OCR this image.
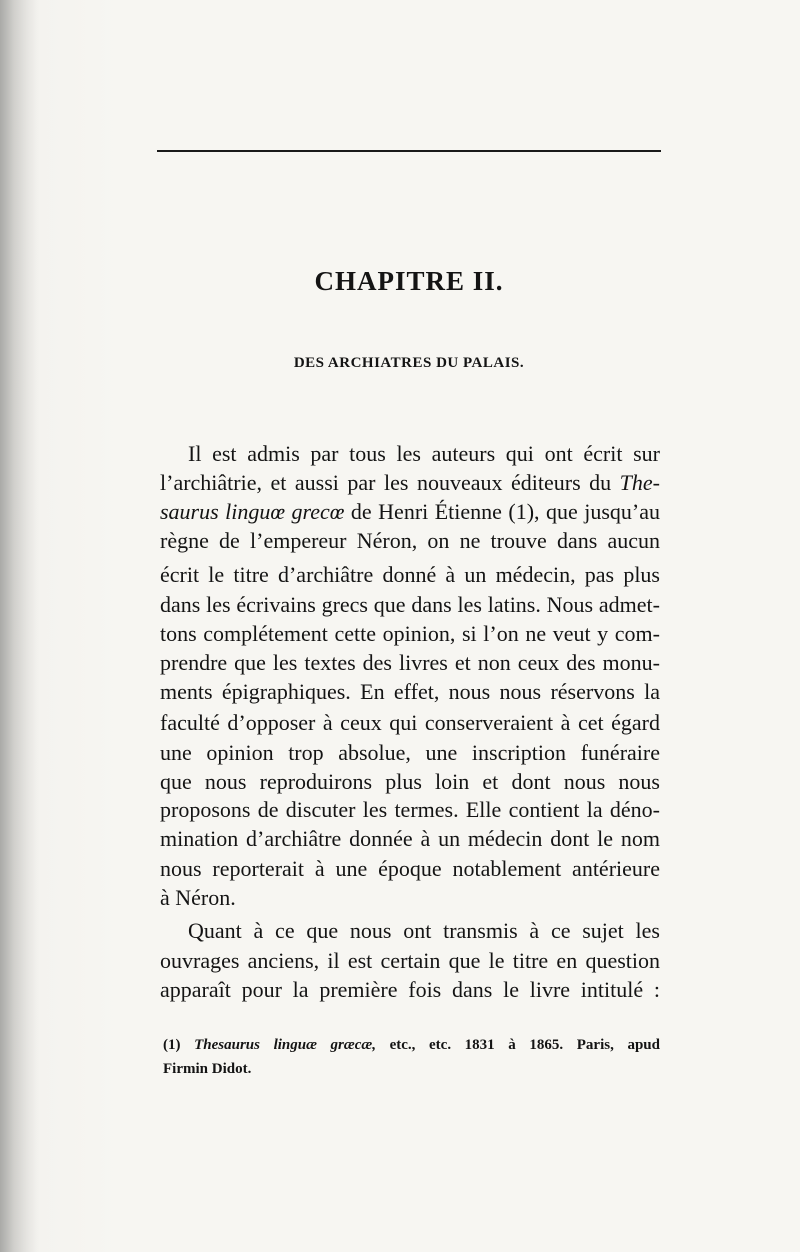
CHAPITRE II.
DES ARCHIATRES DU PALAIS.
Il est admis par tous les auteurs qui ont écrit sur
l’archiâtrie, et aussi par les nouveaux éditeurs du The-
saurus linguœ grecœ de Henri Étienne (1), que jusqu’au
règne de l’empereur Néron, on ne trouve dans aucun
écrit le titre d’archiâtre donné à un médecin, pas plus
dans les écrivains grecs que dans les latins. Nous admet-
tons complétement cette opinion, si l’on ne veut y com-
prendre que les textes des livres et non ceux des monu-
ments épigraphiques. En effet, nous nous réservons la
faculté d’opposer à ceux qui conserveraient à cet égard
une opinion trop absolue, une inscription funéraire
que nous reproduirons plus loin et dont nous nous
proposons de discuter les termes. Elle contient la déno-
mination d’archiâtre donnée à un médecin dont le nom
nous reporterait à une époque notablement antérieure
à Néron.
Quant à ce que nous ont transmis à ce sujet les
ouvrages anciens, il est certain que le titre en question
apparaît pour la première fois dans le livre intitulé :
(1) Thesaurus linguæ græcæ, etc., etc. 1831 à 1865. Paris, apud
Firmin Didot.
